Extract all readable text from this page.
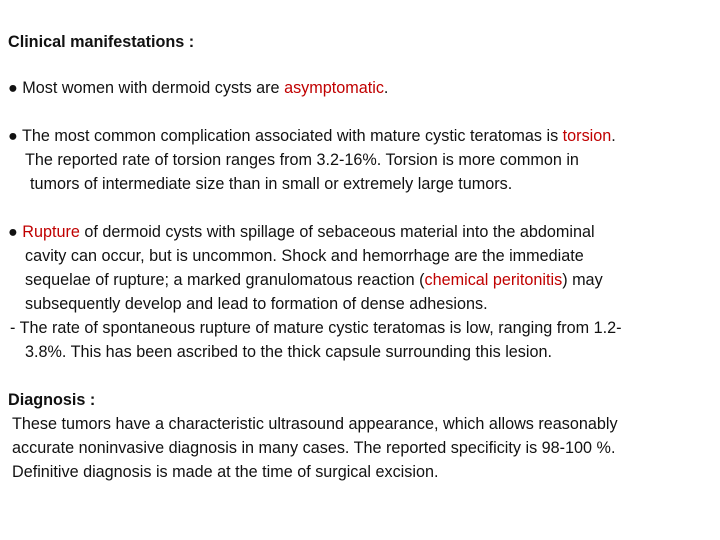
Clinical manifestations :
● Most women with dermoid cysts are asymptomatic.
● The most common complication associated with mature cystic teratomas is torsion.
The reported rate of torsion ranges from 3.2-16%. Torsion is more common in
tumors of intermediate size than in small or extremely large tumors.
● Rupture of dermoid cysts with spillage of sebaceous material into the abdominal
cavity can occur, but is uncommon. Shock and hemorrhage are the immediate
sequelae of rupture; a marked granulomatous reaction (chemical peritonitis) may
subsequently develop and lead to formation of dense adhesions.
- The rate of spontaneous rupture of mature cystic teratomas is low, ranging from 1.2-
3.8%. This has been ascribed to the thick capsule surrounding this lesion.
Diagnosis :
These tumors have a characteristic ultrasound appearance, which allows reasonably
accurate noninvasive diagnosis in many cases. The reported specificity is 98-100 %.
Definitive diagnosis is made at the time of surgical excision.
